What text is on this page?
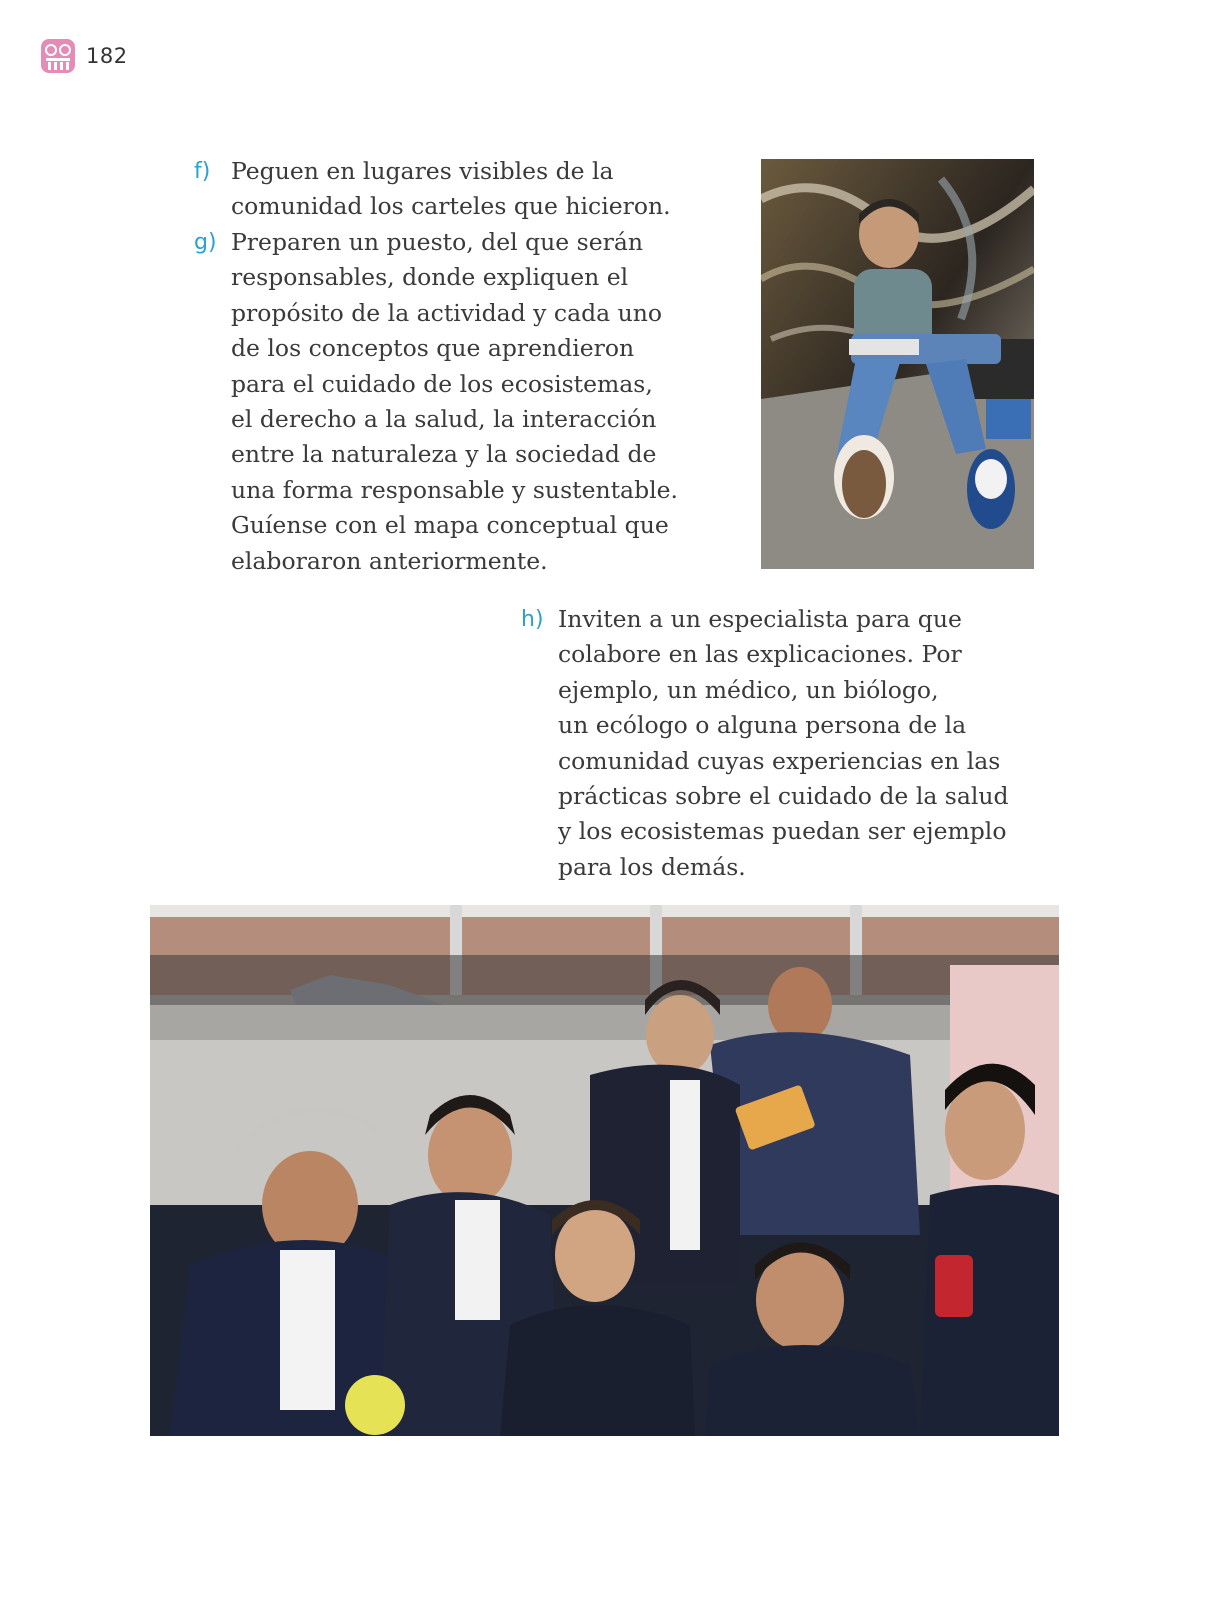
182
f) Peguen en lugares visibles de la
comunidad los carteles que hicieron.
g) Preparen un puesto, del que serán
responsables, donde expliquen el
propósito de la actividad y cada uno
de los conceptos que aprendieron
para el cuidado de los ecosistemas,
el derecho a la salud, la interacción
entre la naturaleza y la sociedad de
una forma responsable y sustentable.
Guíense con el mapa conceptual que
elaboraron anteriormente.
h) Inviten a un especialista para que
colabore en las explicaciones. Por
ejemplo, un médico, un biólogo,
un ecólogo o alguna persona de la
comunidad cuyas experiencias en las
prácticas sobre el cuidado de la salud
y los ecosistemas puedan ser ejemplo
para los demás.
